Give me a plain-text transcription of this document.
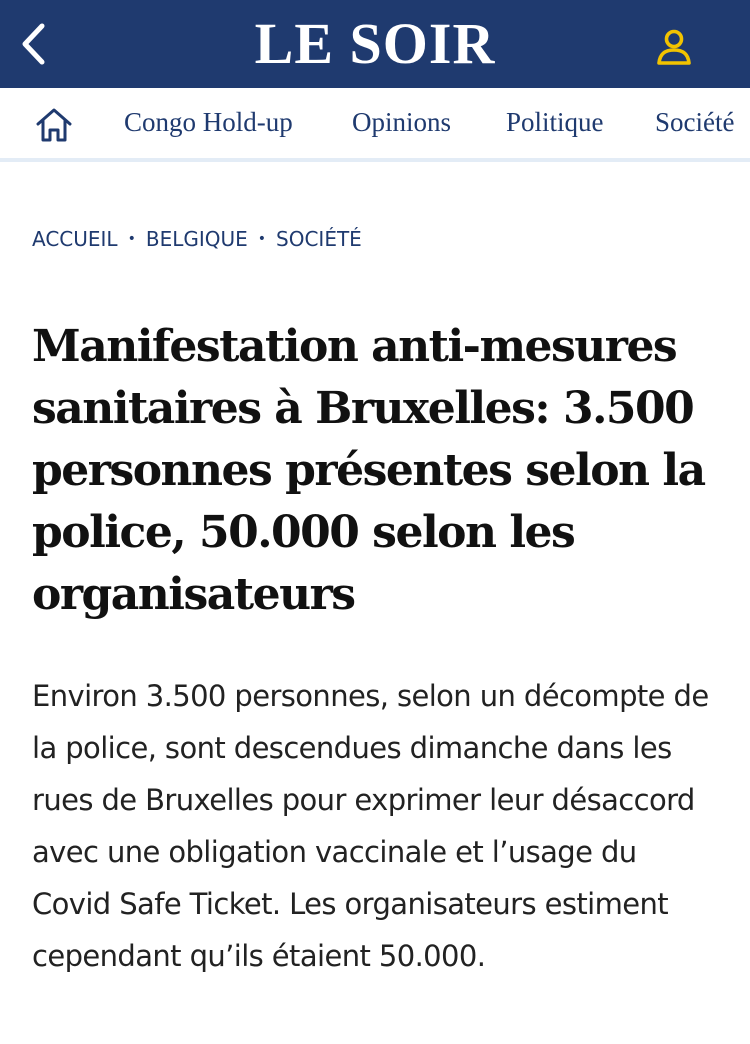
LE SOIR
Congo Hold-up Opinions Politique Société
ACCUEIL • BELGIQUE • SOCIÉTÉ
Manifestation anti-mesures sanitaires à Bruxelles: 3.500 personnes présentes selon la police, 50.000 selon les organisateurs

Environ 3.500 personnes, selon un décompte de la police, sont descendues dimanche dans les rues de Bruxelles pour exprimer leur désaccord avec une obligation vaccinale et l’usage du Covid Safe Ticket. Les organisateurs estiment cependant qu’ils étaient 50.000.
